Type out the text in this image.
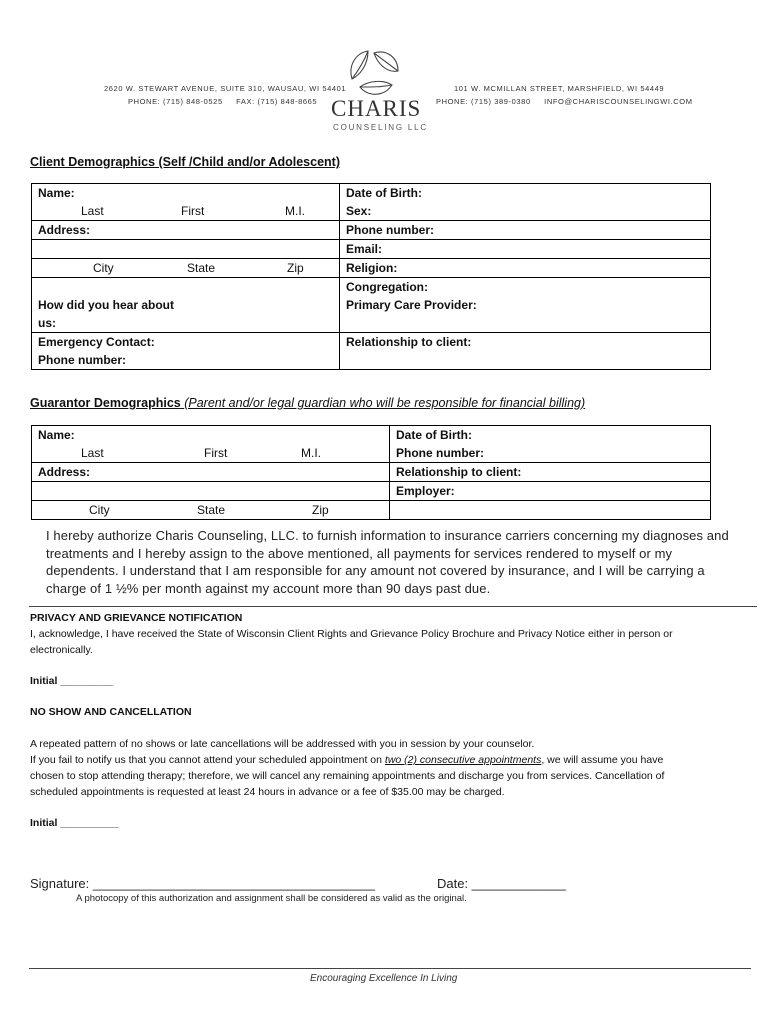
2620 W. STEWART AVENUE, SUITE 310, WAUSAU, WI 54401
PHONE: (715) 848-0525     FAX: (715) 848-8665 CHARIS
COUNSELING LLC
101 W. MCMILLAN STREET, MARSHFIELD, WI 54449
PHONE: (715) 389-0380     INFO@CHARISCOUNSELINGWI.COM
Client Demographics (Self /Child and/or Adolescent)
Name:	Date of Birth:
Last First M.I.	Sex:
Address:	Phone number:
	Email:
City State Zip	Religion:
	Congregation:
How did you hear about	Primary Care Provider:
us:	
Emergency Contact:	Relationship to client:
Phone number:	
Guarantor Demographics (Parent and/or legal guardian who will be responsible for financial billing)
Name:	Date of Birth:
Last First M.I.	Phone number:
Address:	Relationship to client:
	Employer:
City State Zip	
I hereby authorize Charis Counseling, LLC. to furnish information to insurance carriers concerning my diagnoses and
treatments and I hereby assign to the above mentioned, all payments for services rendered to myself or my
dependents. I understand that I am responsible for any amount not covered by insurance, and I will be carrying a
charge of 1 ½% per month against my account more than 90 days past due.
PRIVACY AND GRIEVANCE NOTIFICATION
I, acknowledge, I have received the State of Wisconsin Client Rights and Grievance Policy Brochure and Privacy Notice either in person or
electronically.
Initial _________
NO SHOW AND CANCELLATION
A repeated pattern of no shows or late cancellations will be addressed with you in session by your counselor.
If you fail to notify us that you cannot attend your scheduled appointment on two (2) consecutive appointments, we will assume you have
chosen to stop attending therapy; therefore, we will cancel any remaining appointments and discharge you from services. Cancellation of
scheduled appointments is requested at least 24 hours in advance or a fee of $35.00 may be charged.
Initial __________
Signature: _______________________________________	Date: _____________
A photocopy of this authorization and assignment shall be considered as valid as the original.
Encouraging Excellence In Living
